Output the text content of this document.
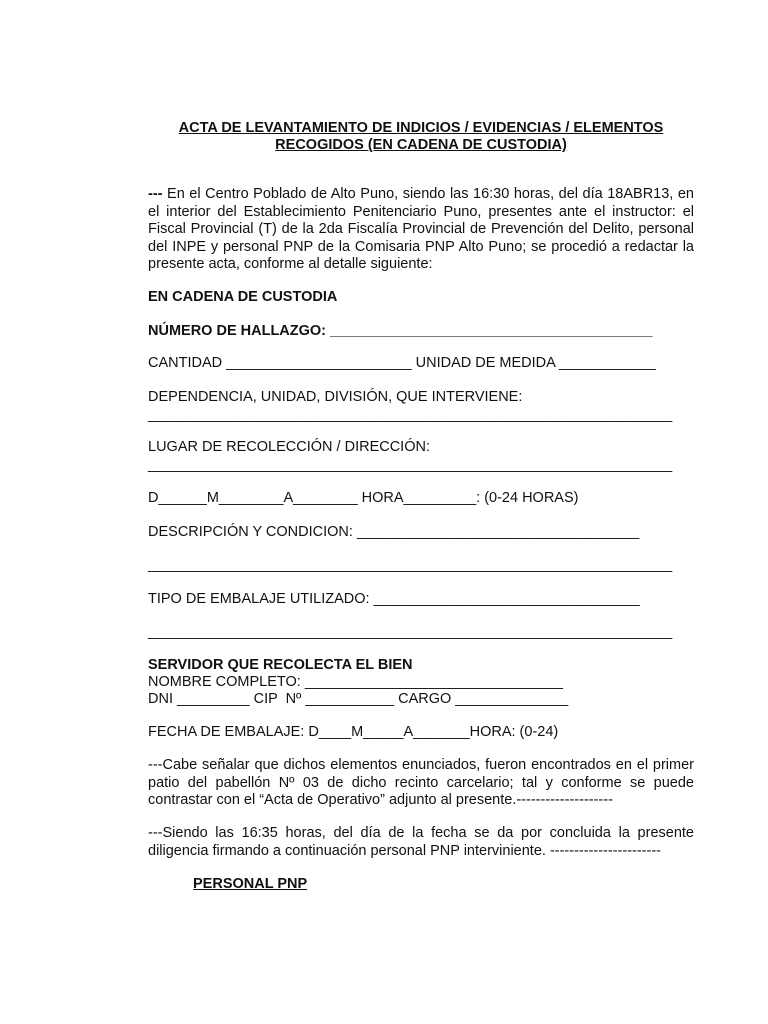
ACTA DE LEVANTAMIENTO DE INDICIOS / EVIDENCIAS / ELEMENTOS
RECOGIDOS (EN CADENA DE CUSTODIA)
--- En el Centro Poblado de Alto Puno, siendo las 16:30 horas, del día 18ABR13, en el interior del Establecimiento Penitenciario Puno, presentes ante el instructor: el Fiscal Provincial (T) de la 2da Fiscalía Provincial de Prevención del Delito, personal del INPE y personal PNP de la Comisaria PNP Alto Puno; se procedió a redactar la presente acta, conforme al detalle siguiente:
EN CADENA DE CUSTODIA
NÚMERO DE HALLAZGO: ________________________________________
CANTIDAD _______________________ UNIDAD DE MEDIDA ____________
DEPENDENCIA, UNIDAD, DIVISIÓN, QUE INTERVIENE:
_________________________________________________________________
LUGAR DE RECOLECCIÓN / DIRECCIÓN:
_________________________________________________________________
D______M________A________ HORA_________: (0-24 HORAS)
DESCRIPCIÓN Y CONDICION: ___________________________________
_________________________________________________________________
TIPO DE EMBALAJE UTILIZADO: _________________________________
_________________________________________________________________
SERVIDOR QUE RECOLECTA EL BIEN
NOMBRE COMPLETO: ________________________________
DNI _________ CIP  Nº ___________ CARGO ______________
FECHA DE EMBALAJE: D____M_____A_______HORA: (0-24)
---Cabe señalar que dichos elementos enunciados, fueron encontrados en el primer patio del pabellón Nº 03 de dicho recinto carcelario; tal y conforme se puede contrastar con el “Acta de Operativo” adjunto al presente.--------------------
---Siendo las 16:35 horas, del día de la fecha se da por concluida la presente diligencia firmando a continuación personal PNP interviniente. -----------------------
PERSONAL PNP
